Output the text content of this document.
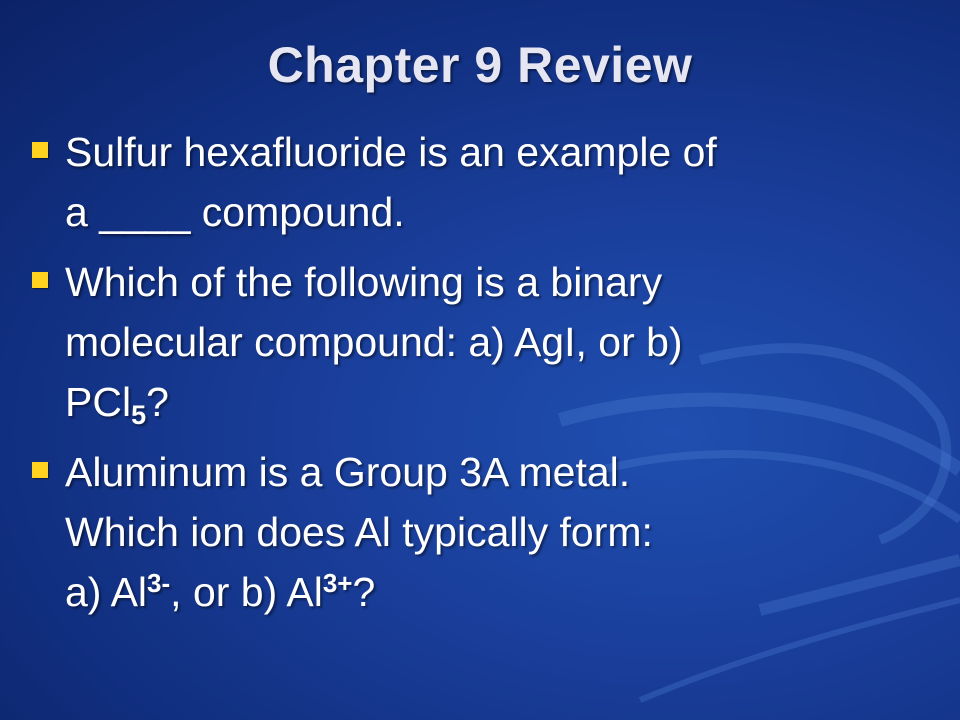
Chapter 9 Review
Sulfur hexafluoride is an example of
a ____ compound.
Which of the following is a binary
molecular compound: a) AgI, or b)
PCl$_5$?
Aluminum is a Group 3A metal.
Which ion does Al typically form:
a) $Al^{3-}$, or b) $Al^{3+}$?
